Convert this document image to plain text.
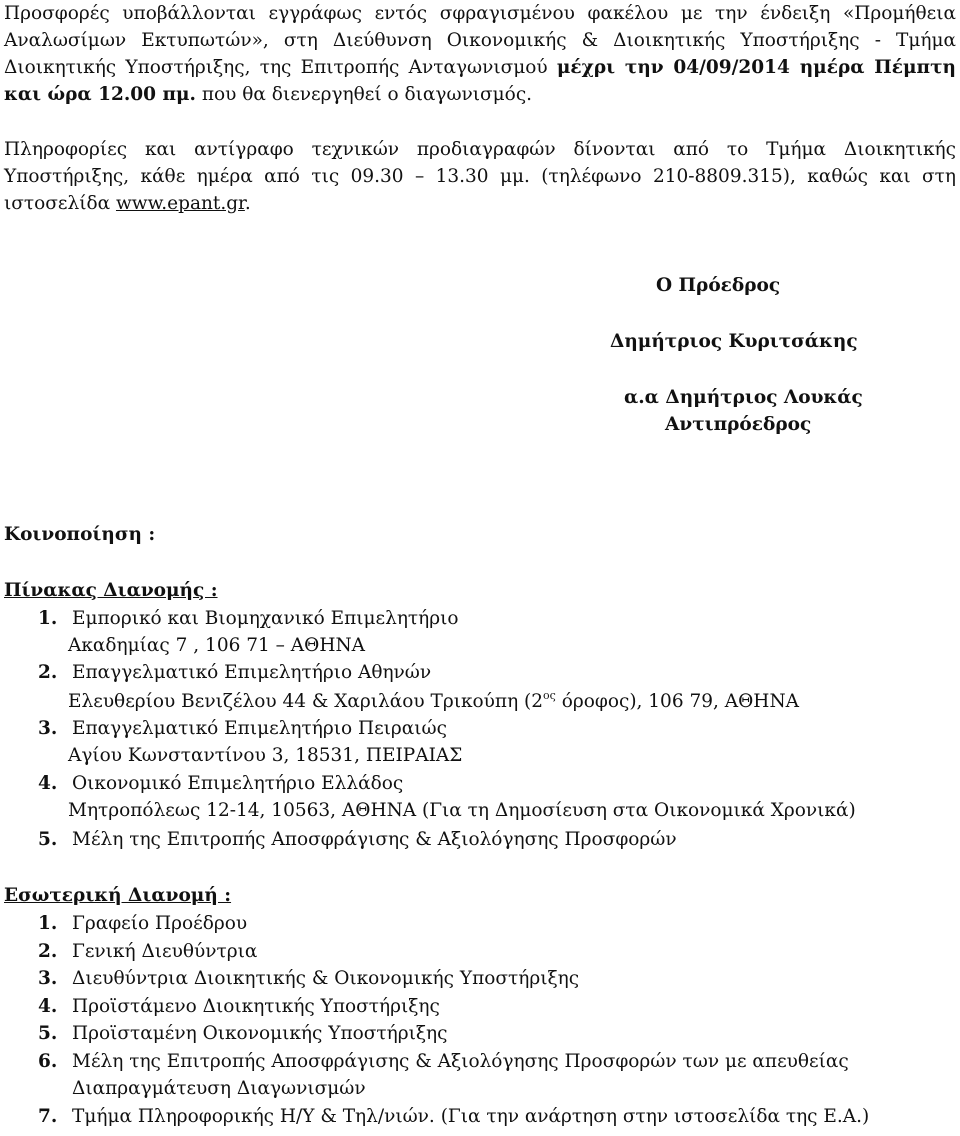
Προσφορές υποβάλλονται εγγράφως εντός σφραγισμένου φακέλου με την ένδειξη «Προμήθεια Αναλωσίμων Εκτυπωτών», στη Διεύθυνση Οικονομικής & Διοικητικής Υποστήριξης - Τμήμα Διοικητικής Υποστήριξης, της Επιτροπής Ανταγωνισμού μέχρι την 04/09/2014 ημέρα Πέμπτη και ώρα 12.00 πμ. που θα διενεργηθεί ο διαγωνισμός.

Πληροφορίες και αντίγραφο τεχνικών προδιαγραφών δίνονται από το Τμήμα Διοικητικής Υποστήριξης, κάθε ημέρα από τις 09.30 – 13.30 μμ. (τηλέφωνο 210-8809.315), καθώς και στη ιστοσελίδα www.epant.gr.

Ο Πρόεδρος
Δημήτριος Κυριτσάκης
α.α Δημήτριος Λουκάς
Αντιπρόεδρος
Κοινοποίηση :
Πίνακας Διανομής :
1. Εμπορικό και Βιομηχανικό Επιμελητήριο
Ακαδημίας 7 , 106 71 – ΑΘΗΝΑ
2. Επαγγελματικό Επιμελητήριο Αθηνών
Ελευθερίου Βενιζέλου 44 & Χαριλάου Τρικούπη ($2^{o\varsigma}$ όροφος), 106 79, ΑΘΗΝΑ
3. Επαγγελματικό Επιμελητήριο Πειραιώς
Αγίου Κωνσταντίνου 3, 18531, ΠΕΙΡΑΙΑΣ
4. Οικονομικό Επιμελητήριο Ελλάδος
Μητροπόλεως 12-14, 10563, ΑΘΗΝΑ (Για τη Δημοσίευση στα Οικονομικά Χρονικά)
5. Μέλη της Επιτροπής Αποσφράγισης & Αξιολόγησης Προσφορών
Εσωτερική Διανομή :
1. Γραφείο Προέδρου
2. Γενική Διευθύντρια
3. Διευθύντρια Διοικητικής & Οικονομικής Υποστήριξης
4. Προϊστάμενο Διοικητικής Υποστήριξης
5. Προϊσταμένη Οικονομικής Υποστήριξης
6. Μέλη της Επιτροπής Αποσφράγισης & Αξιολόγησης Προσφορών των με απευθείας
Διαπραγμάτευση Διαγωνισμών
7. Τμήμα Πληροφορικής Η/Υ & Τηλ/νιών. (Για την ανάρτηση στην ιστοσελίδα της Ε.Α.)
